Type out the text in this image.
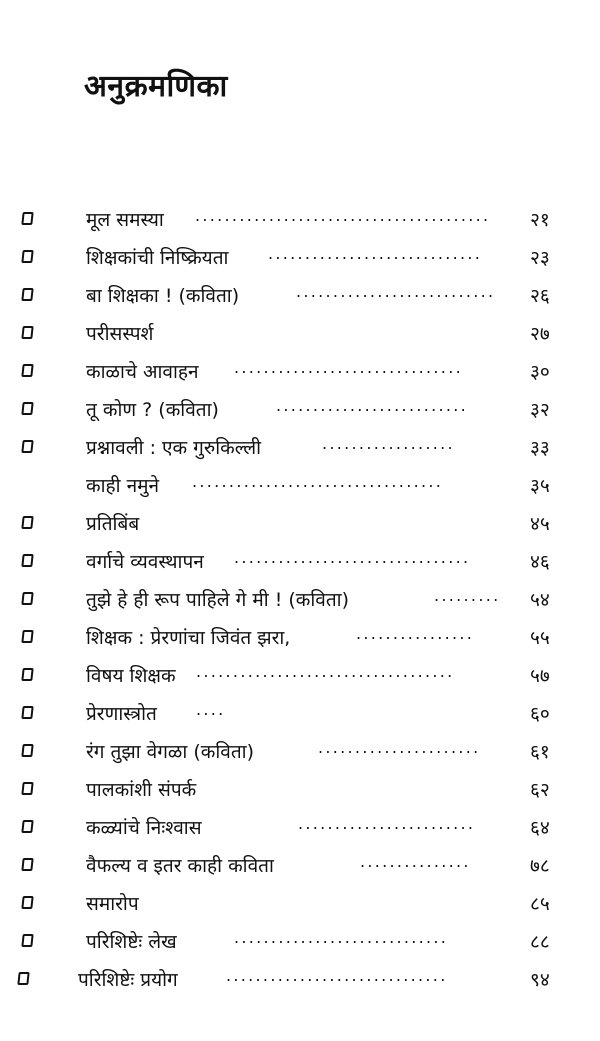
अनुक्रमणिका
मूल समस्या ........................................	२१
शिक्षकांची निष्क्रियता .............................	२३
बा शिक्षका ! (कविता)	...........................	२६
परीसस्पर्श	२७
काळाचे आवाहन ...............................	३०
तू कोण ? (कविता)	..........................	३२
प्रश्नावली : एक गुरुकिल्ली	..................	३३
काही नमुने ..................................	३५
प्रतिबिंब	४५
वर्गाचे व्यवस्थापन ................................	४६
तुझे हे ही रूप पाहिले गे मी ! (कविता)	......... ५४
शिक्षक : प्रेरणांचा जिवंत झरा,	................	५५
विषय शिक्षक ...................................	५७
प्रेरणास्त्रोत ....	६०
रंग तुझा वेगळा (कविता)	......................	६१
पालकांशी संपर्क	६२
कळ्यांचे निःश्वास	........................	६४
वैफल्य व इतर काही कविता	...............	७८
समारोप	८५
परिशिष्टेः लेख	.............................	८८
परिशिष्टेः प्रयोग	..............................	९४
